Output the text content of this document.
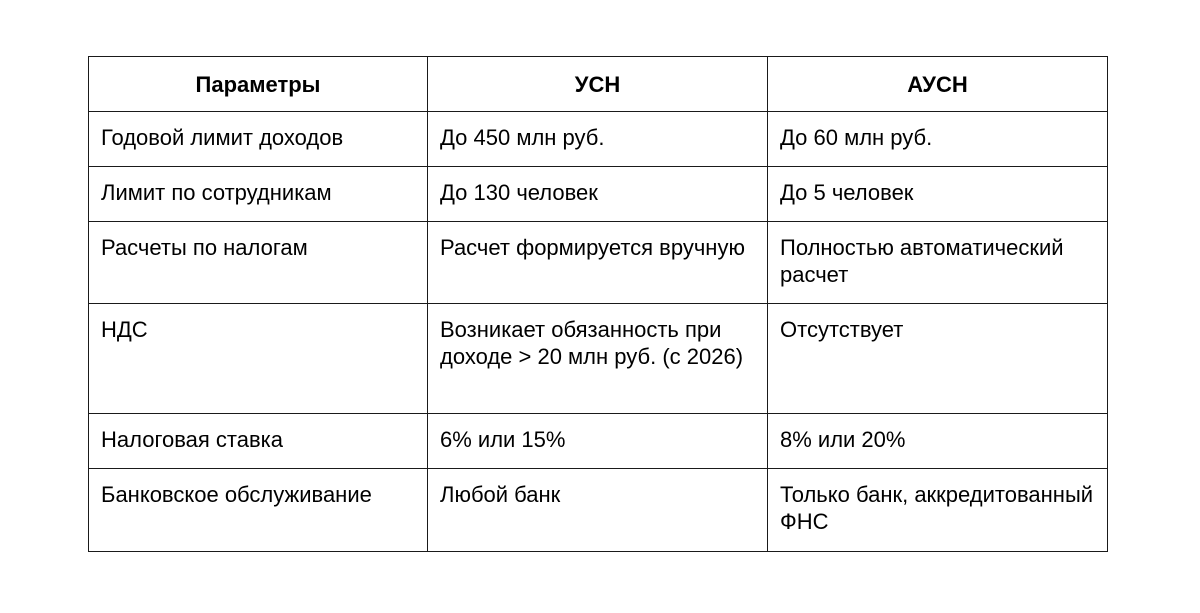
Параметры	УСН	АУСН
Годовой лимит доходов	До 450 млн руб.	До 60 млн руб.
Лимит по сотрудникам	До 130 человек	До 5 человек
Расчеты по налогам	Расчет формируется вручную	Полностью автоматический расчет
НДС	Возникает обязанность при доходе > 20 млн руб. (с 2026)	Отсутствует
Налоговая ставка	6% или 15%	8% или 20%
Банковское обслуживание	Любой банк	Только банк, аккредитованный ФНС
